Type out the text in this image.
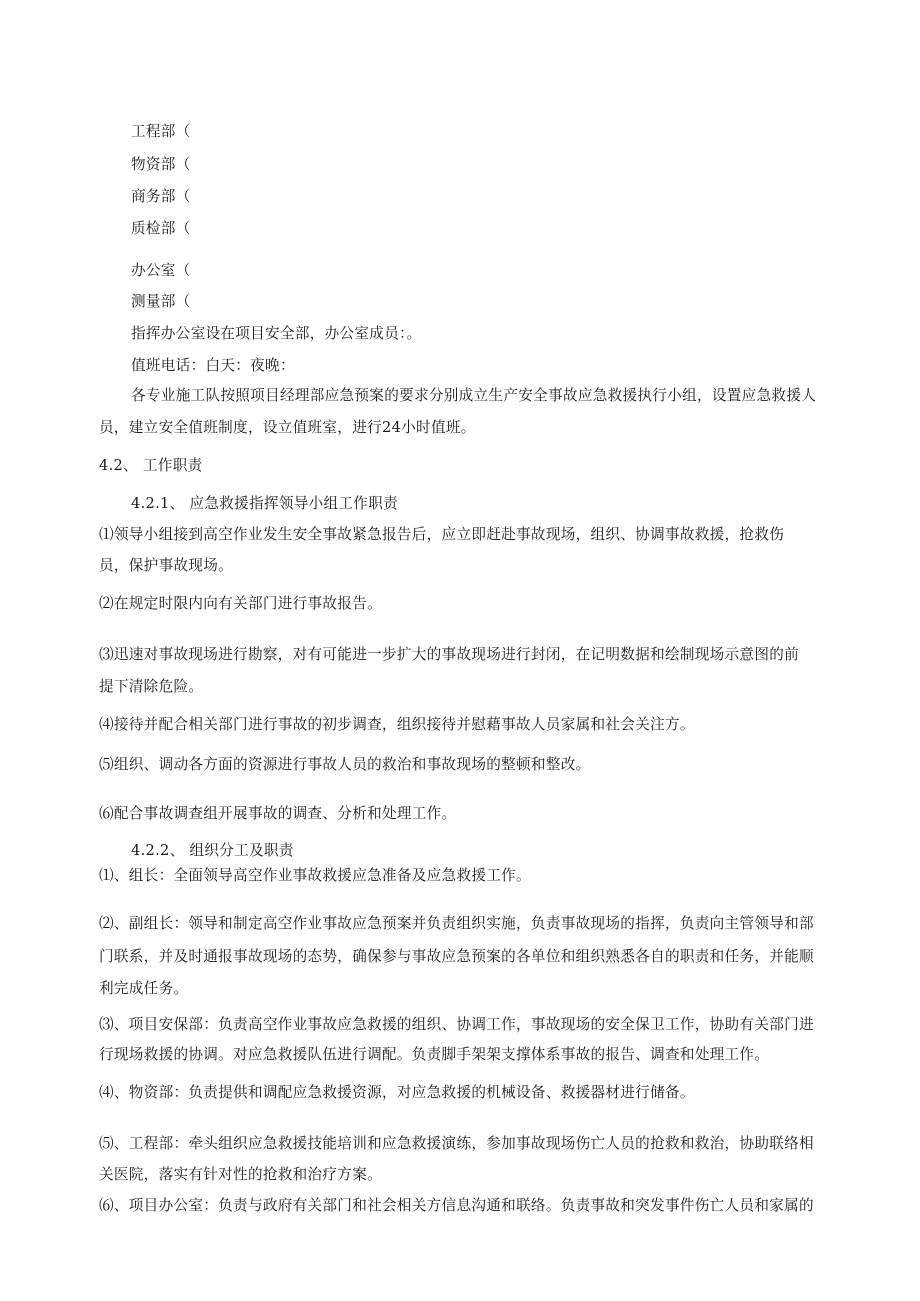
工程部（
物资部（
商务部（
质检部（
办公室（
测量部（
指挥办公室设在项目安全部，办公室成员：。
值班电话：白天：夜晚：
各专业施工队按照项目经理部应急预案的要求分别成立生产安全事故应急救援执行小组，设置应急救援人
员，建立安全值班制度，设立值班室，进行24小时值班。
4.2、 工作职责
4.2.1、 应急救援指挥领导小组工作职责
⑴领导小组接到高空作业发生安全事故紧急报告后，应立即赶赴事故现场，组织、协调事故救援，抢救伤
员，保护事故现场。
⑵在规定时限内向有关部门进行事故报告。
⑶迅速对事故现场进行勘察，对有可能进一步扩大的事故现场进行封闭，在记明数据和绘制现场示意图的前
提下清除危险。
⑷接待并配合相关部门进行事故的初步调查，组织接待并慰藉事故人员家属和社会关注方。
⑸组织、调动各方面的资源进行事故人员的救治和事故现场的整顿和整改。
⑹配合事故调查组开展事故的调查、分析和处理工作。
4.2.2、 组织分工及职责
⑴、组长：全面领导高空作业事故救援应急准备及应急救援工作。
⑵、副组长：领导和制定高空作业事故应急预案并负责组织实施，负责事故现场的指挥，负责向主管领导和部
门联系，并及时通报事故现场的态势，确保参与事故应急预案的各单位和组织熟悉各自的职责和任务，并能顺
利完成任务。
⑶、项目安保部：负责高空作业事故应急救援的组织、协调工作，事故现场的安全保卫工作，协助有关部门进
行现场救援的协调。对应急救援队伍进行调配。负责脚手架架支撑体系事故的报告、调查和处理工作。
⑷、物资部：负责提供和调配应急救援资源，对应急救援的机械设备、救援器材进行储备。
⑸、工程部：牵头组织应急救援技能培训和应急救援演练，参加事故现场伤亡人员的抢救和救治，协助联络相
关医院，落实有针对性的抢救和治疗方案。
⑹、项目办公室：负责与政府有关部门和社会相关方信息沟通和联络。负责事故和突发事件伤亡人员和家属的
